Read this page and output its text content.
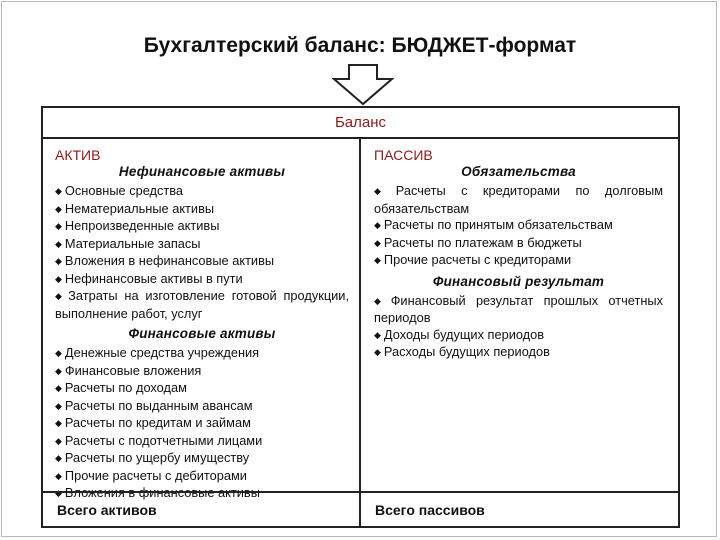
Бухгалтерский баланс: БЮДЖЕТ-формат
Баланс
АКТИВ
Нефинансовые активы
◆ Основные средства
◆ Нематериальные активы
◆ Непроизведенные активы
◆ Материальные запасы
◆ Вложения в нефинансовые активы
◆ Нефинансовые активы в пути
◆ Затраты на изготовление готовой продукции, выполнение работ, услуг
Финансовые активы
◆ Денежные средства учреждения
◆ Финансовые вложения
◆ Расчеты по доходам
◆ Расчеты по выданным авансам
◆ Расчеты по кредитам и займам
◆ Расчеты с подотчетными лицами
◆ Расчеты по ущербу имуществу
◆ Прочие расчеты с дебиторами
◆ Вложения в финансовые активы
ПАССИВ
Обязательства
◆ Расчеты с кредиторами по долговым обязательствам
◆ Расчеты по принятым обязательствам
◆ Расчеты по платежам в бюджеты
◆ Прочие расчеты с кредиторами
Финансовый результат
◆ Финансовый результат прошлых отчетных периодов
◆ Доходы будущих периодов
◆ Расходы будущих периодов
Всего активов	Всего пассивов
